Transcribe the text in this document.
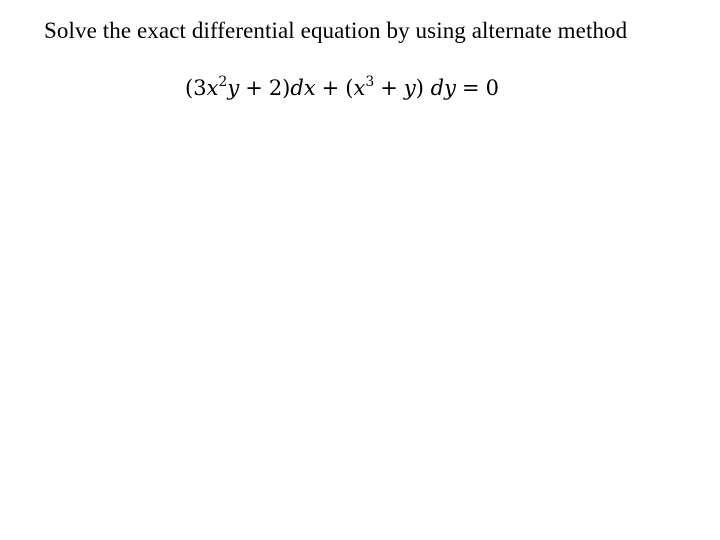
Solve the exact differential equation by using alternate method
$(3x^2y + 2)dx + (x^3 + y)$ dy = 0
